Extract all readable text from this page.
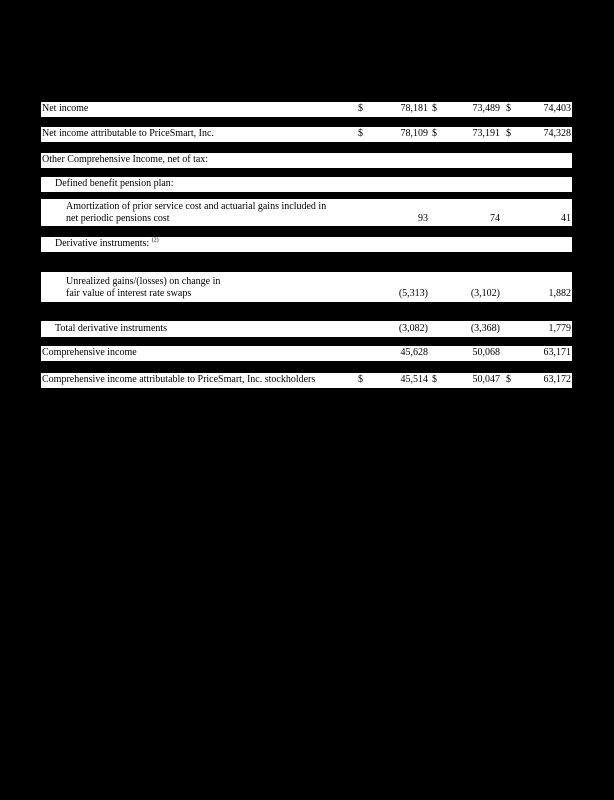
Net income	$	78,181 $	73,489 $	74,403
Net income attributable to PriceSmart, Inc.	$	78,109 $	73,191 $	74,328
Other Comprehensive Income, net of tax:
Defined benefit pension plan:
Amortization of prior service cost and actuarial gains included in
net periodic pensions cost	93	74	41
Derivative instruments: $^{(2)}$
Unrealized gains/(losses) on change in
fair value of interest rate swaps	(5,313)	(3,102)	1,882
Total derivative instruments	(3,082)	(3,368)	1,779
Comprehensive income	45,628	50,068	63,171
Comprehensive income attributable to PriceSmart, Inc. stockholders	$	45,514 $	50,047 $	63,172
